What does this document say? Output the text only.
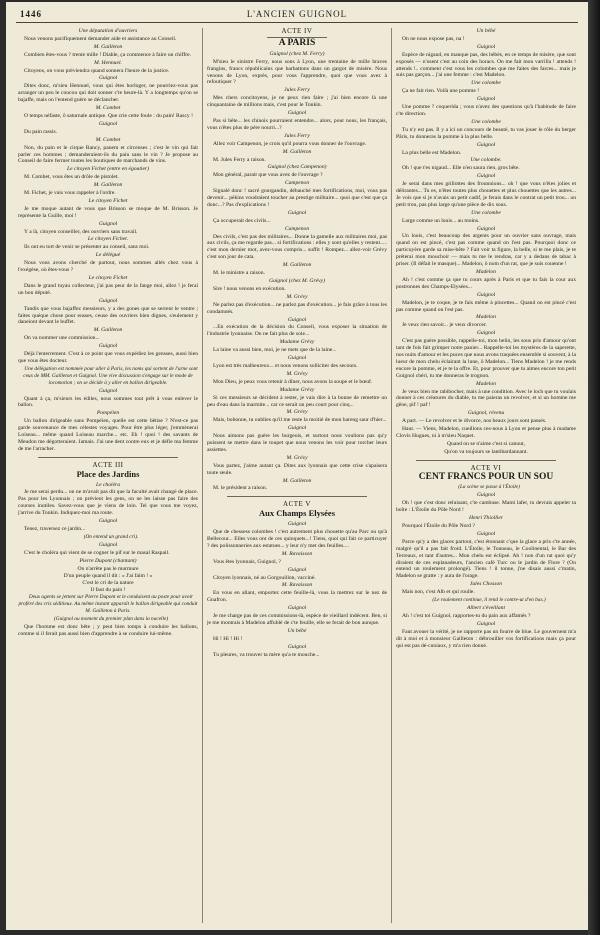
1446	L'ANCIEN GUIGNOL

Une députation d'ouvriers

Nous venons pacifiquement demander aide et assistance au Conseil.

M. Gailleton

Combien êtes-vous ? trente mille ! Diable, ça commence à faire un chiffre.

M. Hennuel.

Citoyens, on vous préviendra quand sonnera l'heure de la justice.

Guignol

Dites donc, m'sieu Hennuel, vous qui êtes horloger, ne pourriez-vous pas arranger un peu le coucou qui doit sonner c'te heure-là. Y a longtemps qu'on se bajaffe, mais on l'entend guère se déclancher.

M. Combet

O temps néfaste, ô saturnale antique. Que crie cette foule : du pain! Rascy !

Guignol

Du pain rassis.

M. Combet

Non, du pain et le cirque Rancy, panem et circenses ; c'est le vin qui fait parler ces hommes ; demanderaient-ils du pain sans le vin ? Je propose au Conseil de faire fermer toutes les boutiques de marchands de vins.

Le citoyen Fichet (entre en égoutier)

M. Combet, vous êtes un drôle de pistolet.

M. Gailleton

M. Fichet, je vais vous rappeler à l'ordre.

Le citoyen Fichet

Je me moque autant de vous que Brisson se moque de M. Brisson. Je représente la Guille, moi !

Guignol

Y a là, citoyen conseiller, des ouvriers sans travail.

Le citoyen Fichet.

Ils ont eu tort de venir se présenter au conseil, sans moi.

Le délégué

Nous vous avons cherché de partout, nous sommes allés chez vous à l'exégèse, où êtes-vous ?

Le citoyen Fichet

Dans le grand tuyau collecteur, j'ai pas peur de la fange moi, allez ! je ferai un bon député.

Guignol

Tandis que vous bajaffez messieurs, y a des gones que se serrent le ventre ; faites quéque chose pour eusses, ceuse des ouvriers bien dignes, s'eulement y daneiont devant le buffet.

M. Gailleton

On va nommer une commission...

Guignol

Déjà l'enterrement. C'est à ce point que vous expédiez les gensses, aussi bien que vous êtes docteur.

Une délégation est nommée pour aller à Paris, les noms qui sortent de l'urne sont ceux de MM. Gailleton et Guignol. Une vive discussion s'engage sur le mode de locomotion ; on se décide à y aller en ballon dirigeable.

Guignol

Quant à ça, m'sieurs les édiles, nous sommes tout prêt à vous enlever le ballon.

Pompéien

Un ballon dirigeable sans Pompéien, quelle est cette bêtise ? N'est-ce pas garde souvenance de mes célestes voyages. Pour être plus léger, j'emmènerai Loiseau... même quand Loiseau marche... etc. Eh ! quoi ! des savants de Meudon me dégotteraient. Jamais. J'ai une dent contre eux et je défie ma femme de me l'arracher.

ACTE III
Place des Jardins

Le choléra

Je me serai perdu... on ne m'avait pas dit que la faculté avait changé de place. Pas pour les Lyonnais ; on prévient les gens, on ne les laisse pas faire des courses inutiles. Savez-vous que je viens de loin. Tel que vous me voyez, j'arrive du Tonkin. Indiquez-moi ma route.

Guignol

Tenez, traversez ce jardin...

(On entend un grand cri).

Guignol

C'est le choléra qui vient de se cogner le pif sur le masal Raspail.

Pierre Dupont (chantant)

On n'arrête pas le murmure

D'un peuple quand il dit : « J'ai faim ! »

C'est le cri de la nature

Il faut du pain !

Deux agents se jettent sur Pierre Dupont et le conduisent au poste pour avoir proféré des cris séditieux. Au même instant apparaît le ballon dirigeable qui conduit M. Gailleton à Paris.

(Guignol au moment du premier plan dans la nacelle)

Que l'homme est donc bête ; y peut bien tomps à conduire les ballons, comme si il ferait pas aussi bien d'apprendre à se conduire lui-même.

ACTE IV
A PARIS

Guignol (chez M. Ferry)

M'sieu le sinistre Ferry, nous sons à Lyon, une trentaine de mille braves frangins, francs républicains que barbattons dans un gargot de misère. Nous venons de Lyon, exprès, pour vous l'apprendre, quoi que vous avez à refoutiquer ?

Jules Ferry

Mes chers concitoyens, je ne peux rien faire ; j'ai bien encore là une cinquantaine de millions mais, c'est pour le Tonkin.

Guignol

Pas si bête... les chinois pourraient entendre... alors, pour nous, les français, vous n'êtes plus de père nourri...?

Jules Ferry

Allez voir Campenon, je crois qu'il pourra vous donner de l'ouvrage.

M. Gailleton

M. Jules Ferry a raison.

Guignol (chez Campenon)

Mon général, parait que vous avez de l'ouvrage ?

Campenon

Signalé donc ! sacré gourgandin, débauché mes fortifications, moi, vous pas devenir... pékins voudraient toucher au prestige militaire... quoi que c'est que ça donc...? Pas d'explications !

Guignol

Ça occuperait des civils...

Campenon

Des civils, c'est pas des militaires... Donne la gamelle aux militaires moi, pas aux civils, ça me regarde pas... si fortifications : elles y sont qu'elles y restent..... c'est mon dernier mot, avez-vous compris... suffit ! Rompez... allez-voir Grévy c'est son jour de cata.

M. Gailleton

M. le ministre a raison.

Guignol (chez M. Grévy)

Sire ! nous venons en exécution.

M. Grévy

Ne parlez pas d'exécution... ne parlez pas d'exécution... je fais grâce à tous les condamnés.

Guignol

...En exécution de la décision du Conseil, vous exposer la situation de l'industrie lyonnaise. On ne fait plus de soie...

Madame Grévy

La laine va aussi bien, moi, je ne mets que de la laine...

Guignol

Lyon est très malheureux... et nous venons solliciter des secours.

M. Grévy

Mon Dieu, je peux vous retenir à dîner, nous avons la soupe et le bœuf.

Madame Grévy

Si ces messieurs se décident à rester, je vais dire à la bonne de remettre un peu d'eau dans la marmite... car ce serait un peu court pour cinq...

M. Grévy

Mais, bobonne, tu oublies qu'il me reste la moitié de mon hareng saur d'hier...

Guignol

Nous aimons pas guère les burgeois, et surtout nous voulions pas qu'y puissent se mettre dans le toupet que nous venons les voir pour torcher leurs assiettes.

M. Grévy

Vous partez, j'aime autant ça. Dites aux lyonnais que cette crise s'apaisera toute seule.

M. Gailleton

M. le président a raison.

ACTE V
Aux Champs Elysées

Guignol

Que de chessess colombes ! c'est autrement plus chouette qu'au Parc ou qu'à Bellecour... Elles vous ont de ces quinquets...! Tiens, quoi qui fait ce particuyer ? des polissonneries aux estatues... y leur n'y met des feuilles....

M. Ravaisson

Vous êtes lyonnais, Guignol, ?

Guignol

Citoyen lyonnais, né au Gorgouillon, vacciné.

M. Ravaisson

En vous en allant, emportez cette feuille-là, vous la mettrez sur le nez de Gnafron.

Guignol

Je me charge pas de ces commissions-là, espèce de vieillard indécent. Ben, si je me montrais à Madelon affublé de c'te feuille, elle se ferait de bon aunque.

Un bébé

Hi ! Hi ! Hi !

Guignol

Tu pleures, va trouver ta mère qu'a te mouche...

Un bébé

On ne nous expose pas, na !

Guignol

Espèce de nigaud, en manque pas, des bébés, en ce temps de misère, que sont exposés — n'osent c'est au coin des horacs. On me fait mon varrilla ! attends ! attends !.. comment c'est vous les colombes que me faites des farces... mais je suis pas garçon... j'ai une femme : c'est Madelon.

Une colombe

Ça ne fait rien. Voilà une pomme !

Guignol

Une pomme ? coquerida ; vous n'avez des questions qu'à l'habitude de faire c'te direction.

Une colombe

Tu n'y est pas. Il y a ici un concours de beauté, tu vas jouer le rôle du berger Pâris, tu donneras la pomme à la plus belle.

Guignol

La plus belle est Madelon.

Une colombe.

Oh ! que t'es nigaud... Elle n'en saura rien, gros bête.

Guignol

Je serai dans mes grillottes des frounnions... oh ! que vous n'êtes jolies et délirantes... Tu es, n'êtes toutes plus chouettes et plus chouettes que les autres... Je vois que si je n'avais un petit cadif, je ferais dans le contrat un petit trou... un petit trou, pas plus large qu'une pièce de dix sous.

Une colombe

Large comme un louis... au moins.

Guignol

Un louis, c'est beaucoup des argents pour un ouvrier sans ouvrage, mais quand on est pincé, c'est pas comme quand on l'est pas. Pourquoi donc ce particuyère garde sa mise-bête ? Fait voir ta figure, la belle, si te me plais, je te préterai mon mouchoir — mais tu me le rendras, car y a dedans de tabac à priser. (Il défait le masque)... Madelon, ô nom d'un rat, que je suis couenne !

Madelon

Ah ! c'est comme ça que tu cours après à Paris et que tu fais la cour aux postronnes des Champs-Elysées...

Guignol

Madelon, je te coque, je te fais même à pincettes... Quand on est pincé c'est pas comme quand on l'est pas.

Madelon

Je veux rien savoir... je veux divorcer.

Guignol

C'est pas guère possible, rappelle-toi, mon belin, les sous pris d'amour qu'ont tant de fois fait grimper notre panier... Rappelle-toi les mystères de la saperette, nos nuits d'amour et les puces que nous avons traquées ensemble si souvent, à la lueur de mon chelu éclairant la lune, ô Madelon... Tiens Madelon ! je me rends encore la pomme, et je te la offre. Et, pour prouver que tu aimes encore ton petit Guignol chéri, tu me donneras le trognon.

Madelon

Je veux bien me rabibocher, mais à une condition. Avec le loch que tu voulais donner à ces créatures du diable, tu me paieras un revolver, et si un homme me gêne, pif ! paf !

Guignol, révenu

A part. — Le revolver et le divorce, nos beaux jours sont passés.

Haut. — Viens, Madelon, cueillons ces-nous à Lyon et pense plus à madame Clovis Hugues, ni à m'sieu Naquet.

Quand on se n'aime c'est si canuut,

Qu'on va toujours se lantibardannant.

ACTE VI
CENT FRANCS POUR UN SOU

(La scène se passe à l'Étoile)

Guignol

Oh ! que c'est donc reluisant, c'te cambuse. Mami lafer, tu devrais appeler ta boîte : L'Étoile du Pôle Nord !

Henri Thiollier

Pourquoi l'Étoile du Pôle Nord ?

Guignol

Parce qu'y a des glaces partout, c'est étonnant c'que la glace a pris c'te année, malgré qu'il a pas fait froid. L'Étoile, le Tonneau, le Coolinental, le Bar des Terreaux, et tant d'autres... Mon chelu est éclipsé. Ah ! non d'un rat quoi qu'y diraient de ces esplanadeurs, l'ancien café Turc ou le jardin de Flore ? (On entend un roulement prolongé). Tiens ! il tonne, j'ne disais aussi c'matin, Madelon se gratte : y aura de l'orage.

Jules Chosson

Mais non, c'est Alb et qui roulle.

(Le roulement continue, il rend le contre-ut d'en bas.)

Albert s'éveillant

Ah ! c'est toi Guignol, rapportes-tu du pain aux affamés ?

Guignol

Faut avouer la vérité, je ne rapporte pas un fourre de blue. Le gouvernent m'a dit à moi et à monsieur Gailleton : débrouiller vos fortifications mais ça pour qui est pas dé-cuniaux, y m'a rien donné.
